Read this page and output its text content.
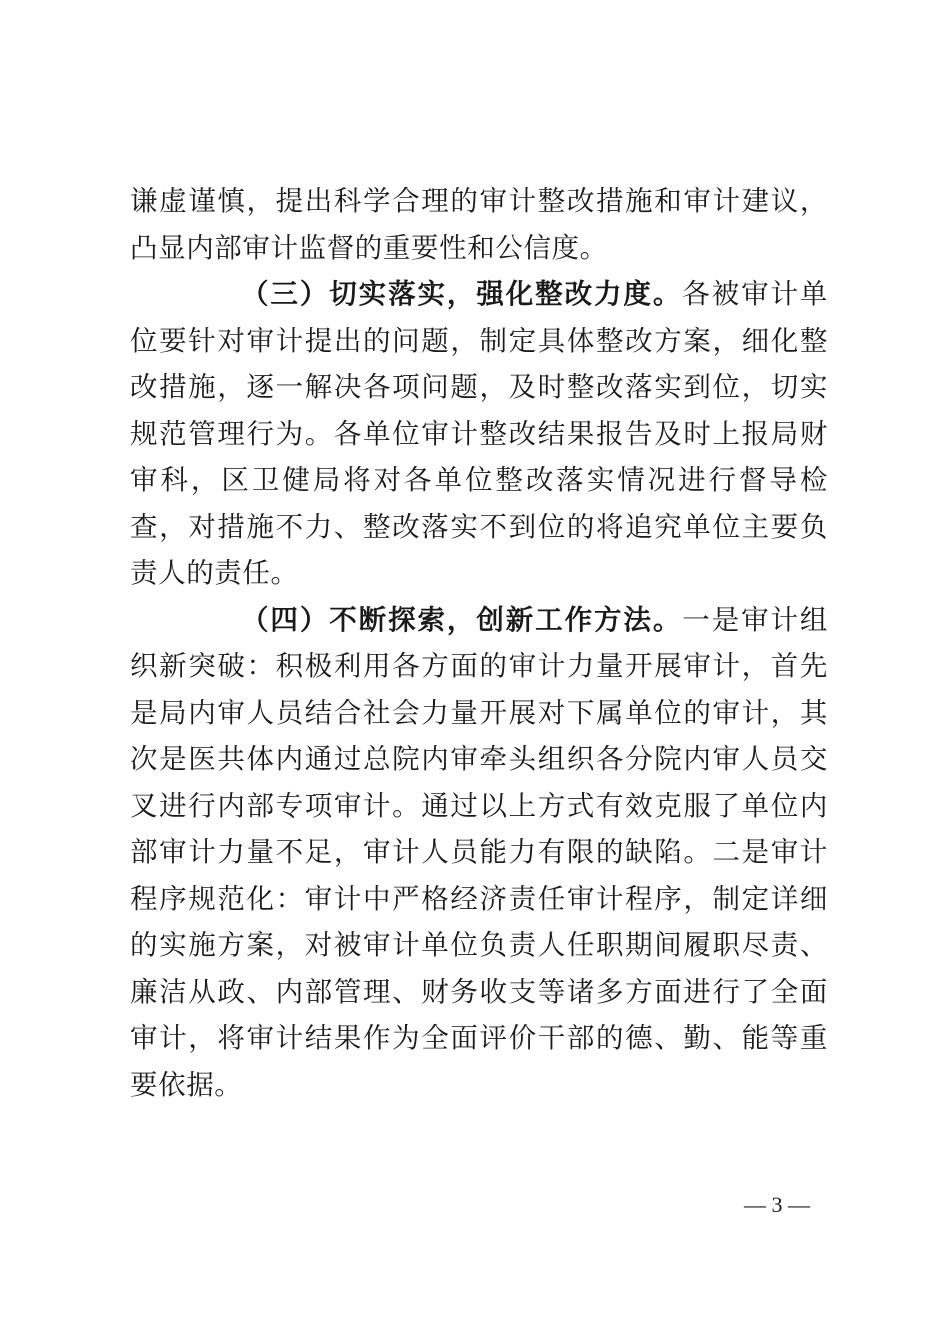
谦虚谨慎，提出科学合理的审计整改措施和审计建议，凸显内部审计监督的重要性和公信度。

（三）切实落实，强化整改力度。各被审计单位要针对审计提出的问题，制定具体整改方案，细化整改措施，逐一解决各项问题，及时整改落实到位，切实规范管理行为。各单位审计整改结果报告及时上报局财审科，区卫健局将对各单位整改落实情况进行督导检查，对措施不力、整改落实不到位的将追究单位主要负责人的责任。

（四）不断探索，创新工作方法。一是审计组织新突破：积极利用各方面的审计力量开展审计，首先是局内审人员结合社会力量开展对下属单位的审计，其次是医共体内通过总院内审牵头组织各分院内审人员交叉进行内部专项审计。通过以上方式有效克服了单位内部审计力量不足，审计人员能力有限的缺陷。二是审计程序规范化：审计中严格经济责任审计程序，制定详细的实施方案，对被审计单位负责人任职期间履职尽责、廉洁从政、内部管理、财务收支等诸多方面进行了全面审计，将审计结果作为全面评价干部的德、勤、能等重要依据。

— 3 —
